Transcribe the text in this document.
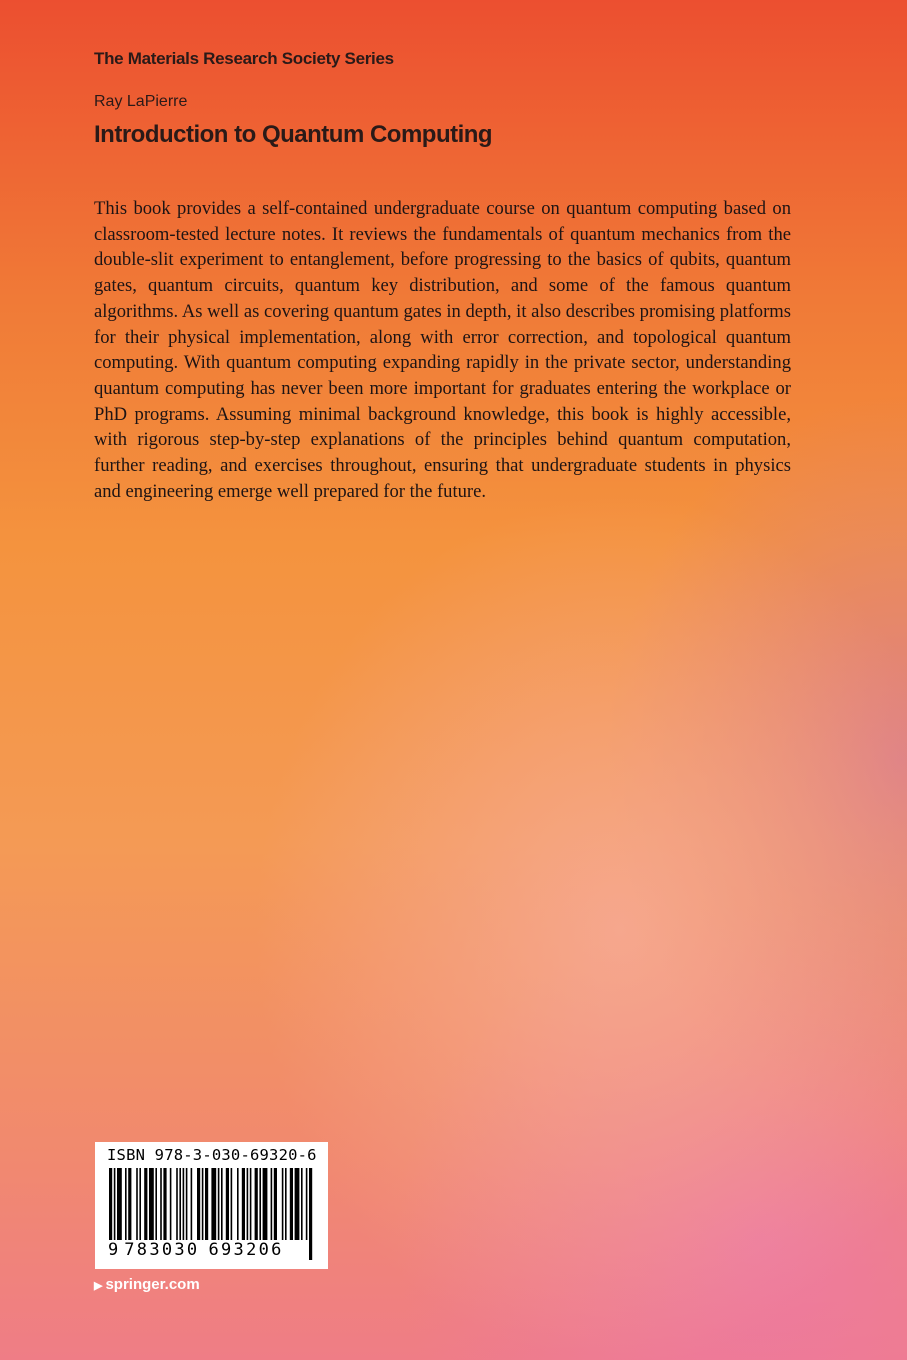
The Materials Research Society Series
Ray LaPierre
Introduction to Quantum Computing

This book provides a self-contained undergraduate course on quantum computing based on classroom-tested lecture notes. It reviews the fundamentals of quantum mechanics from the double-slit experiment to entanglement, before progressing to the basics of qubits, quantum gates, quantum circuits, quantum key distribution, and some of the famous quantum algorithms. As well as covering quantum gates in depth, it also describes promising platforms for their physical implementation, along with error correction, and topological quantum computing. With quantum computing expanding rapidly in the private sector, understanding quantum computing has never been more important for graduates entering the workplace or PhD programs. Assuming minimal background knowledge, this book is highly accessible, with rigorous step-by-step explanations of the principles behind quantum computation, further reading, and exercises throughout, ensuring that undergraduate students in physics and engineering emerge well prepared for the future.

ISBN 978-3-030-69320-6
9 783030 693206
▶ springer.com
